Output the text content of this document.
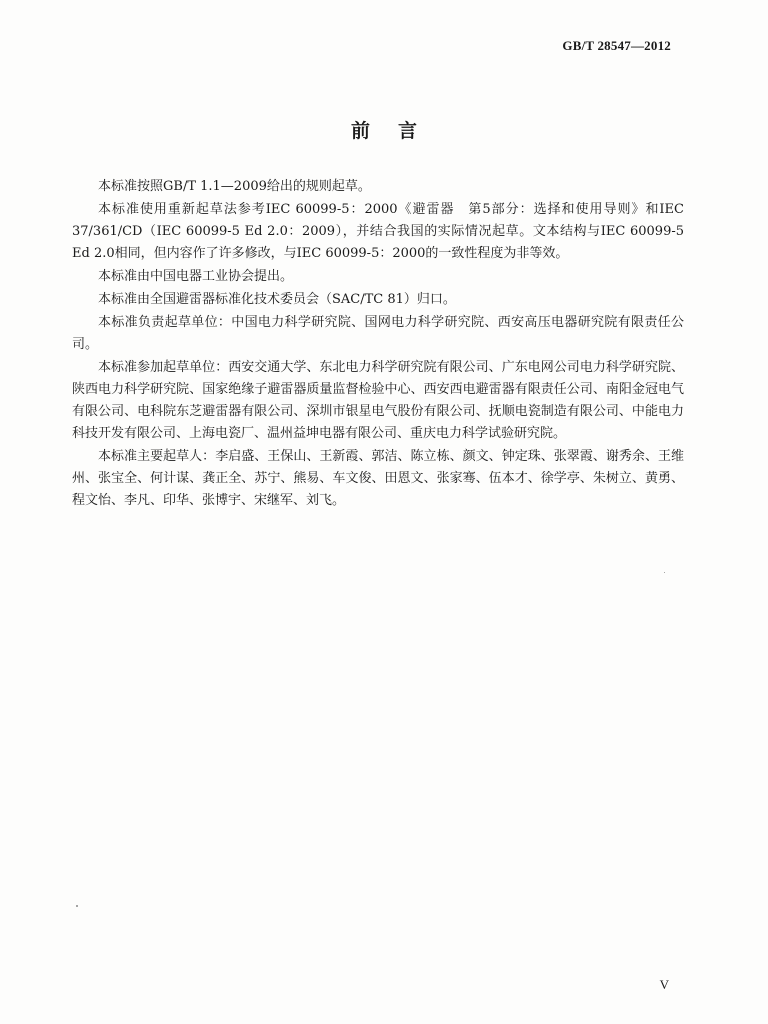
GB/T 28547—2012
前言

本标准按照GB/T 1.1—2009给出的规则起草。

本标准使用重新起草法参考IEC 60099-5：2000《避雷器　第5部分：选择和使用导则》和IEC 37/361/CD（IEC 60099-5 Ed 2.0：2009），并结合我国的实际情况起草。文本结构与IEC 60099-5 Ed 2.0相同，但内容作了许多修改，与IEC 60099-5：2000的一致性程度为非等效。

本标准由中国电器工业协会提出。

本标准由全国避雷器标准化技术委员会（SAC/TC 81）归口。

本标准负责起草单位：中国电力科学研究院、国网电力科学研究院、西安高压电器研究院有限责任公司。

本标准参加起草单位：西安交通大学、东北电力科学研究院有限公司、广东电网公司电力科学研究院、陕西电力科学研究院、国家绝缘子避雷器质量监督检验中心、西安西电避雷器有限责任公司、南阳金冠电气有限公司、电科院东芝避雷器有限公司、深圳市银星电气股份有限公司、抚顺电瓷制造有限公司、中能电力科技开发有限公司、上海电瓷厂、温州益坤电器有限公司、重庆电力科学试验研究院。

本标准主要起草人：李启盛、王保山、王新霞、郭洁、陈立栋、颜文、钟定珠、张翠霞、谢秀余、王维州、张宝全、何计谋、龚正全、苏宁、熊易、车文俊、田恩文、张家骞、伍本才、徐学亭、朱树立、黄勇、程文怡、李凡、印华、张博宇、宋继军、刘飞。

V
